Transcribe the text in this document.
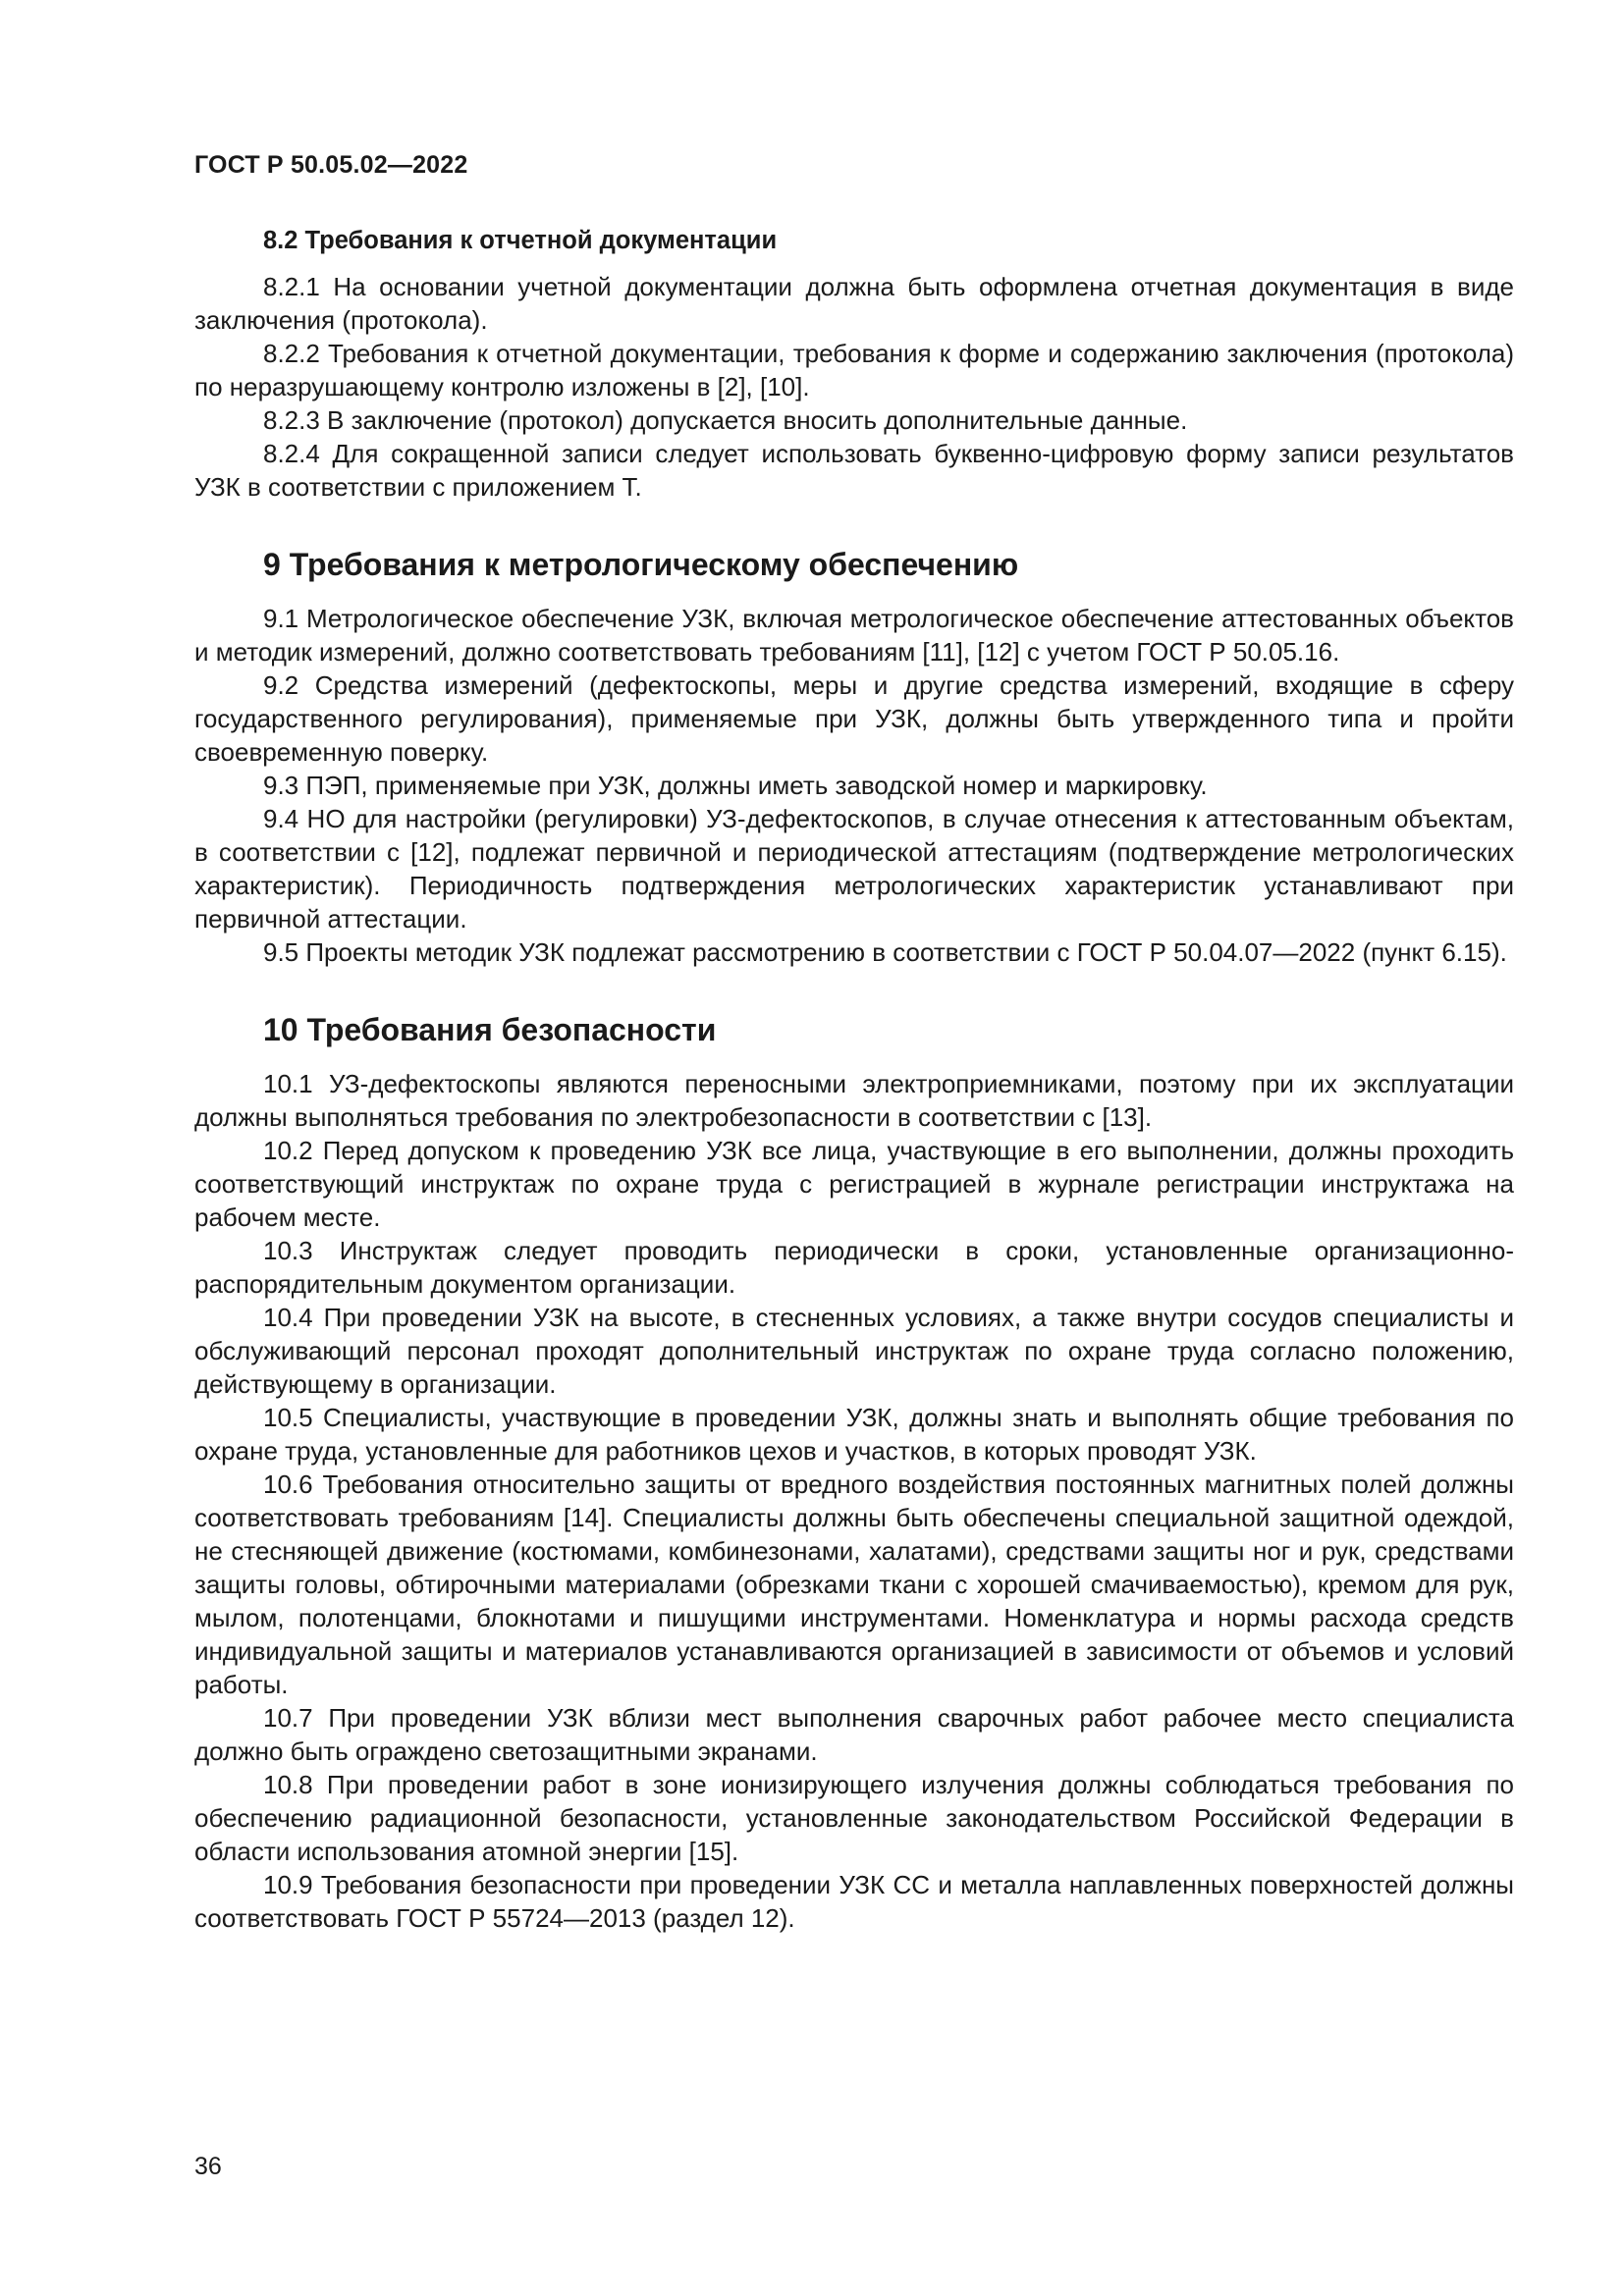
ГОСТ Р 50.05.02—2022
8.2 Требования к отчетной документации

8.2.1 На основании учетной документации должна быть оформлена отчетная документация в виде заключения (протокола).

8.2.2 Требования к отчетной документации, требования к форме и содержанию заключения (протокола) по неразрушающему контролю изложены в [2], [10].

8.2.3 В заключение (протокол) допускается вносить дополнительные данные.

8.2.4 Для сокращенной записи следует использовать буквенно-цифровую форму записи результатов УЗК в соответствии с приложением Т.

9 Требования к метрологическому обеспечению

9.1 Метрологическое обеспечение УЗК, включая метрологическое обеспечение аттестованных объектов и методик измерений, должно соответствовать требованиям [11], [12] с учетом ГОСТ Р 50.05.16.

9.2 Средства измерений (дефектоскопы, меры и другие средства измерений, входящие в сферу государственного регулирования), применяемые при УЗК, должны быть утвержденного типа и пройти своевременную поверку.

9.3 ПЭП, применяемые при УЗК, должны иметь заводской номер и маркировку.

9.4 НО для настройки (регулировки) УЗ-дефектоскопов, в случае отнесения к аттестованным объектам, в соответствии с [12], подлежат первичной и периодической аттестациям (подтверждение метрологических характеристик). Периодичность подтверждения метрологических характеристик устанавливают при первичной аттестации.

9.5 Проекты методик УЗК подлежат рассмотрению в соответствии с ГОСТ Р 50.04.07—2022 (пункт 6.15).

10 Требования безопасности

10.1 УЗ-дефектоскопы являются переносными электроприемниками, поэтому при их эксплуатации должны выполняться требования по электробезопасности в соответствии с [13].

10.2 Перед допуском к проведению УЗК все лица, участвующие в его выполнении, должны проходить соответствующий инструктаж по охране труда с регистрацией в журнале регистрации инструктажа на рабочем месте.

10.3 Инструктаж следует проводить периодически в сроки, установленные организационно-распорядительным документом организации.

10.4 При проведении УЗК на высоте, в стесненных условиях, а также внутри сосудов специалисты и обслуживающий персонал проходят дополнительный инструктаж по охране труда согласно положению, действующему в организации.

10.5 Специалисты, участвующие в проведении УЗК, должны знать и выполнять общие требования по охране труда, установленные для работников цехов и участков, в которых проводят УЗК.

10.6 Требования относительно защиты от вредного воздействия постоянных магнитных полей должны соответствовать требованиям [14]. Специалисты должны быть обеспечены специальной защитной одеждой, не стесняющей движение (костюмами, комбинезонами, халатами), средствами защиты ног и рук, средствами защиты головы, обтирочными материалами (обрезками ткани с хорошей смачиваемостью), кремом для рук, мылом, полотенцами, блокнотами и пишущими инструментами. Номенклатура и нормы расхода средств индивидуальной защиты и материалов устанавливаются организацией в зависимости от объемов и условий работы.

10.7 При проведении УЗК вблизи мест выполнения сварочных работ рабочее место специалиста должно быть ограждено светозащитными экранами.

10.8 При проведении работ в зоне ионизирующего излучения должны соблюдаться требования по обеспечению радиационной безопасности, установленные законодательством Российской Федерации в области использования атомной энергии [15].

10.9 Требования безопасности при проведении УЗК СС и металла наплавленных поверхностей должны соответствовать ГОСТ Р 55724—2013 (раздел 12).

36
